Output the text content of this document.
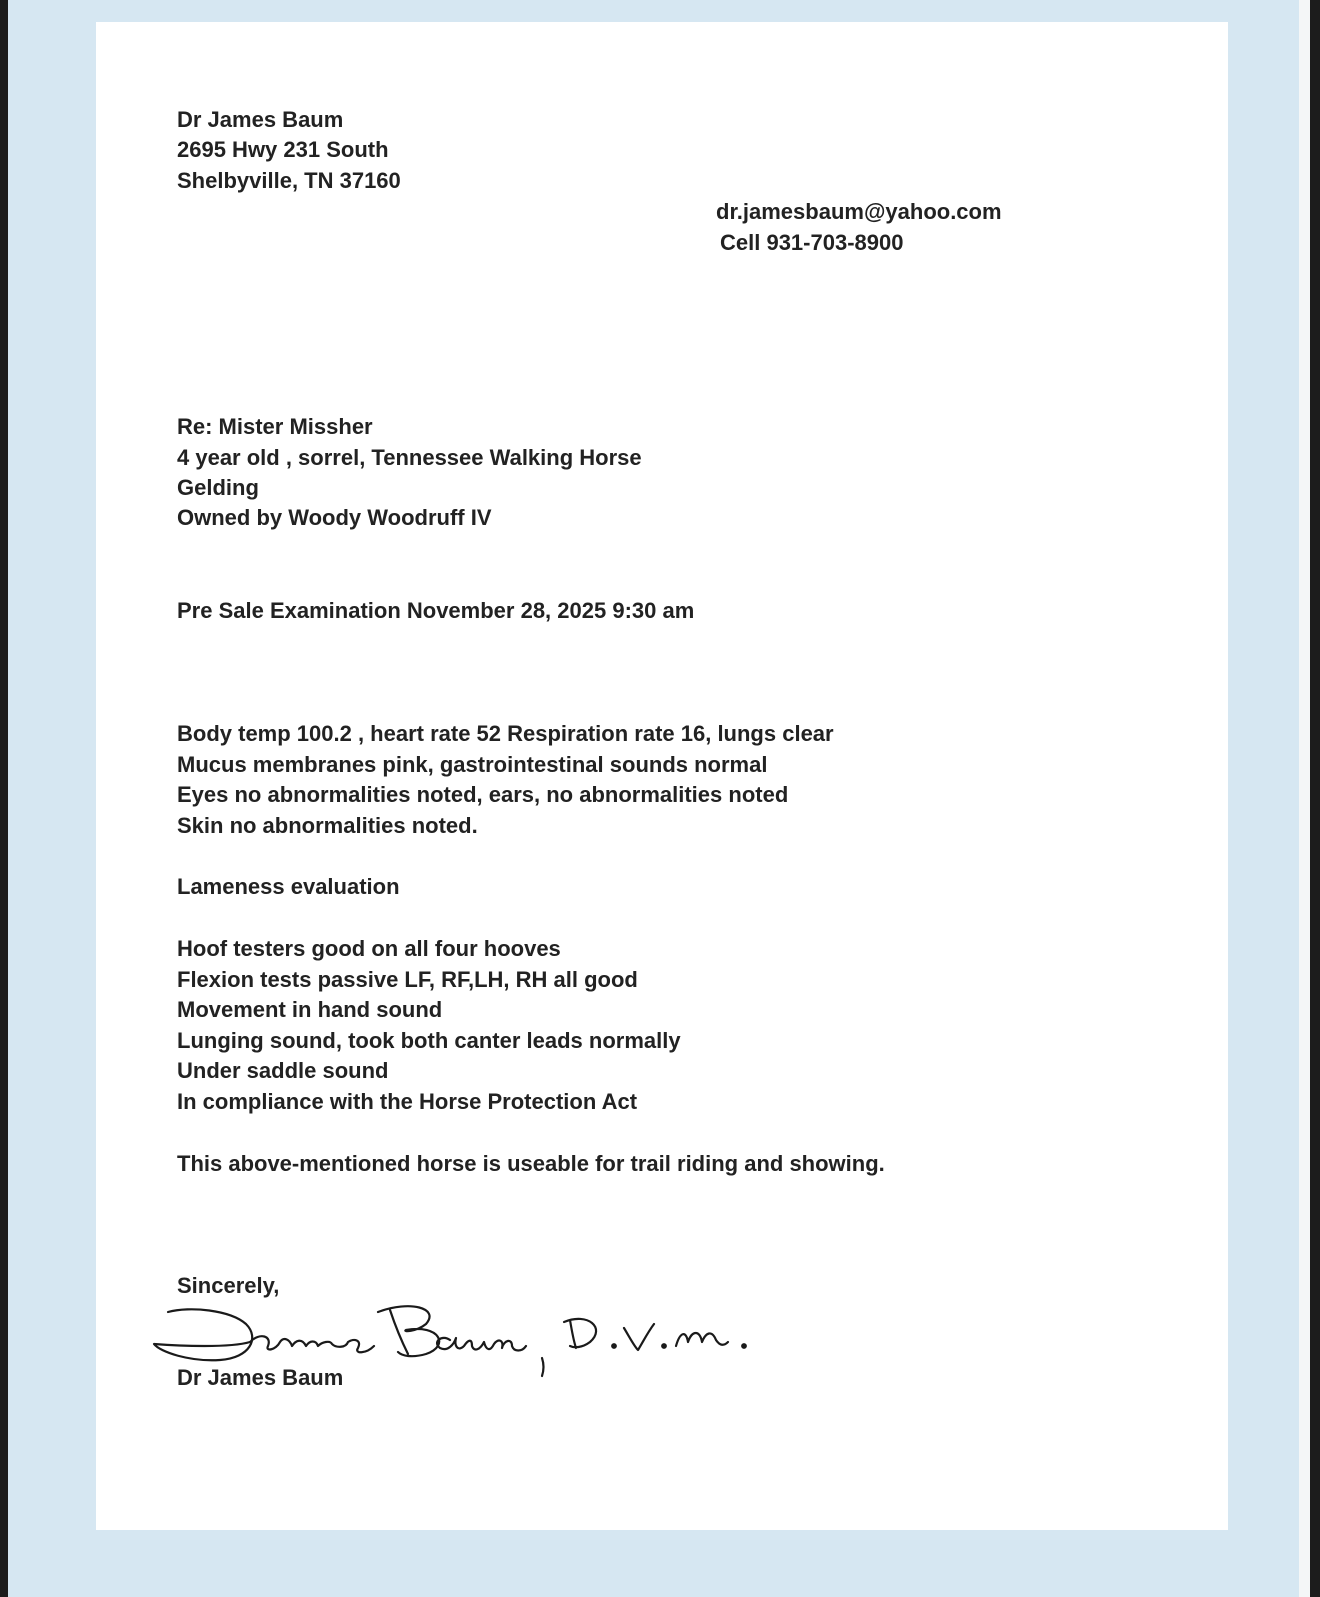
Dr James Baum

2695 Hwy 231 South

Shelbyville, TN 37160

dr.jamesbaum@yahoo.com

Cell 931-703-8900

Re: Mister Missher

4 year old , sorrel, Tennessee Walking Horse

Gelding

Owned by Woody Woodruff IV

Pre Sale Examination November 28, 2025 9:30 am

Body temp 100.2 , heart rate 52 Respiration rate 16, lungs clear

Mucus membranes pink, gastrointestinal sounds normal

Eyes no abnormalities noted, ears, no abnormalities noted

Skin no abnormalities noted.

Lameness evaluation

Hoof testers good on all four hooves

Flexion tests passive LF, RF,LH, RH all good

Movement in hand sound

Lunging sound, took both canter leads normally

Under saddle sound

In compliance with the Horse Protection Act

This above-mentioned horse is useable for trail riding and showing.

Sincerely,

Dr James Baum
